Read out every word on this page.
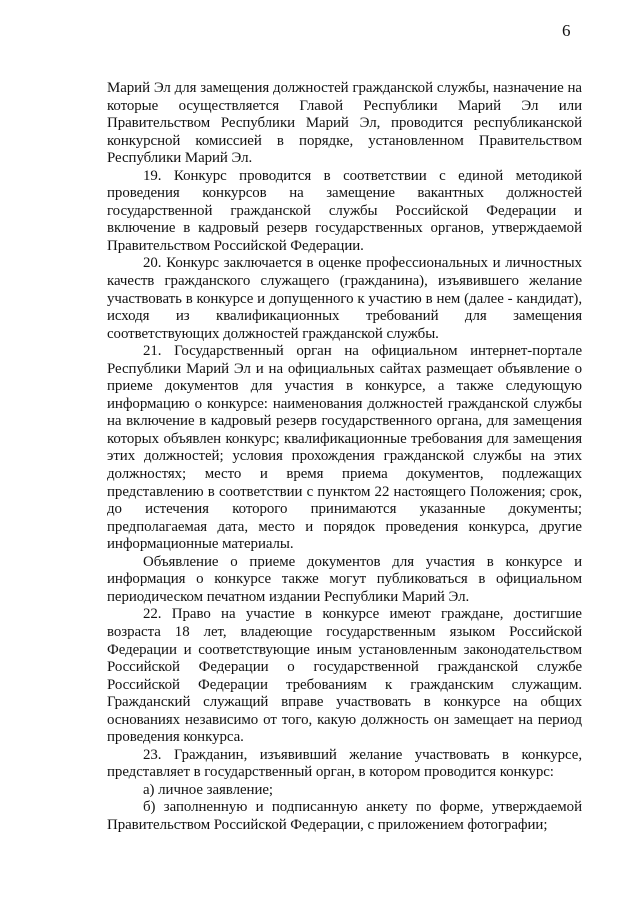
6

Марий Эл для замещения должностей гражданской службы, назначение на которые осуществляется Главой Республики Марий Эл или Правительством Республики Марий Эл, проводится республиканской конкурсной комиссией в порядке, установленном Правительством Республики Марий Эл.

19. Конкурс проводится в соответствии с единой методикой проведения конкурсов на замещение вакантных должностей государственной гражданской службы Российской Федерации и включение в кадровый резерв государственных органов, утверждаемой Правительством Российской Федерации.

20. Конкурс заключается в оценке профессиональных и личностных качеств гражданского служащего (гражданина), изъявившего желание участвовать в конкурсе и допущенного к участию в нем (далее - кандидат), исходя из квалификационных требований для замещения соответствующих должностей гражданской службы.

21. Государственный орган на официальном интернет-портале Республики Марий Эл и на официальных сайтах размещает объявление о приеме документов для участия в конкурсе, а также следующую информацию о конкурсе: наименования должностей гражданской службы на включение в кадровый резерв государственного органа, для замещения которых объявлен конкурс; квалификационные требования для замещения этих должностей; условия прохождения гражданской службы на этих должностях; место и время приема документов, подлежащих представлению в соответствии с пунктом 22 настоящего Положения; срок, до истечения которого принимаются указанные документы; предполагаемая дата, место и порядок проведения конкурса, другие информационные материалы.

Объявление о приеме документов для участия в конкурсе и информация о конкурсе также могут публиковаться в официальном периодическом печатном издании Республики Марий Эл.

22. Право на участие в конкурсе имеют граждане, достигшие возраста 18 лет, владеющие государственным языком Российской Федерации и соответствующие иным установленным законодательством Российской Федерации о государственной гражданской службе Российской Федерации требованиям к гражданским служащим. Гражданский служащий вправе участвовать в конкурсе на общих основаниях независимо от того, какую должность он замещает на период проведения конкурса.

23. Гражданин, изъявивший желание участвовать в конкурсе, представляет в государственный орган, в котором проводится конкурс:

а) личное заявление;

б) заполненную и подписанную анкету по форме, утверждаемой Правительством Российской Федерации, с приложением фотографии;
